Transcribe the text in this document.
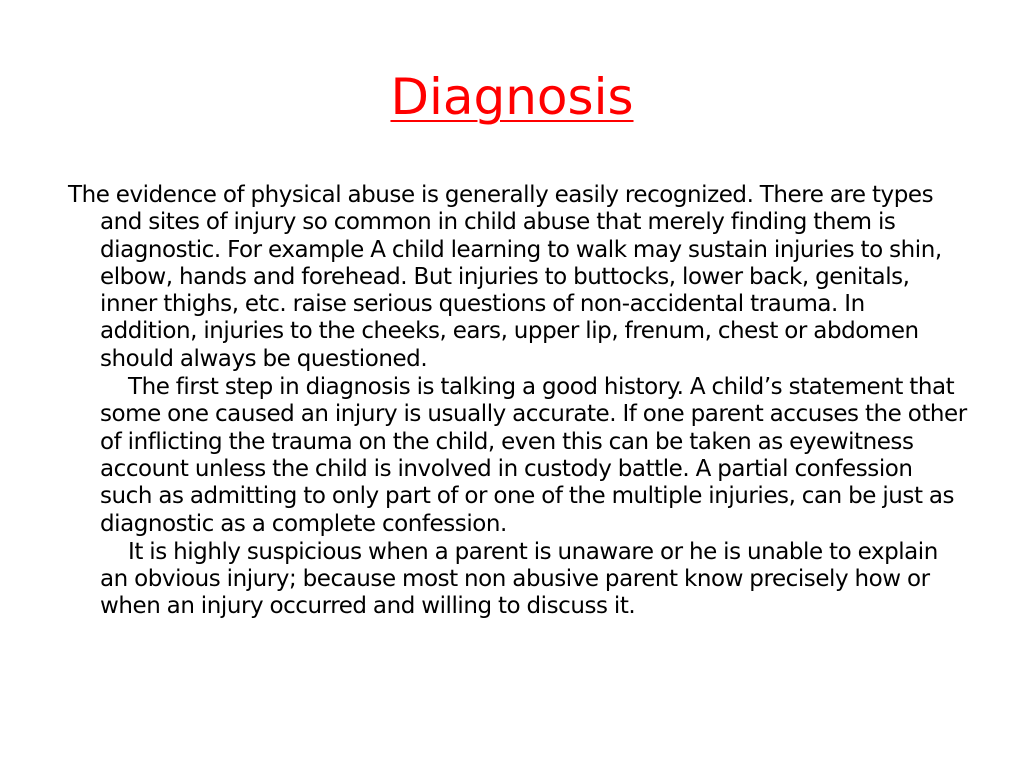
Diagnosis

The evidence of physical abuse is generally easily recognized. There are types and sites of injury so common in child abuse that merely finding them is diagnostic. For example A child learning to walk may sustain injuries to shin, elbow, hands and forehead. But injuries to buttocks, lower back, genitals, inner thighs, etc. raise serious questions of non-accidental trauma. In addition, injuries to the cheeks, ears, upper lip, frenum, chest or abdomen should always be questioned.

The first step in diagnosis is talking a good history. A child’s statement that some one caused an injury is usually accurate. If one parent accuses the other of inflicting the trauma on the child, even this can be taken as eyewitness account unless the child is involved in custody battle. A partial confession such as admitting to only part of or one of the multiple injuries, can be just as diagnostic as a complete confession.

It is highly suspicious when a parent is unaware or he is unable to explain an obvious injury; because most non abusive parent know precisely how or when an injury occurred and willing to discuss it.
